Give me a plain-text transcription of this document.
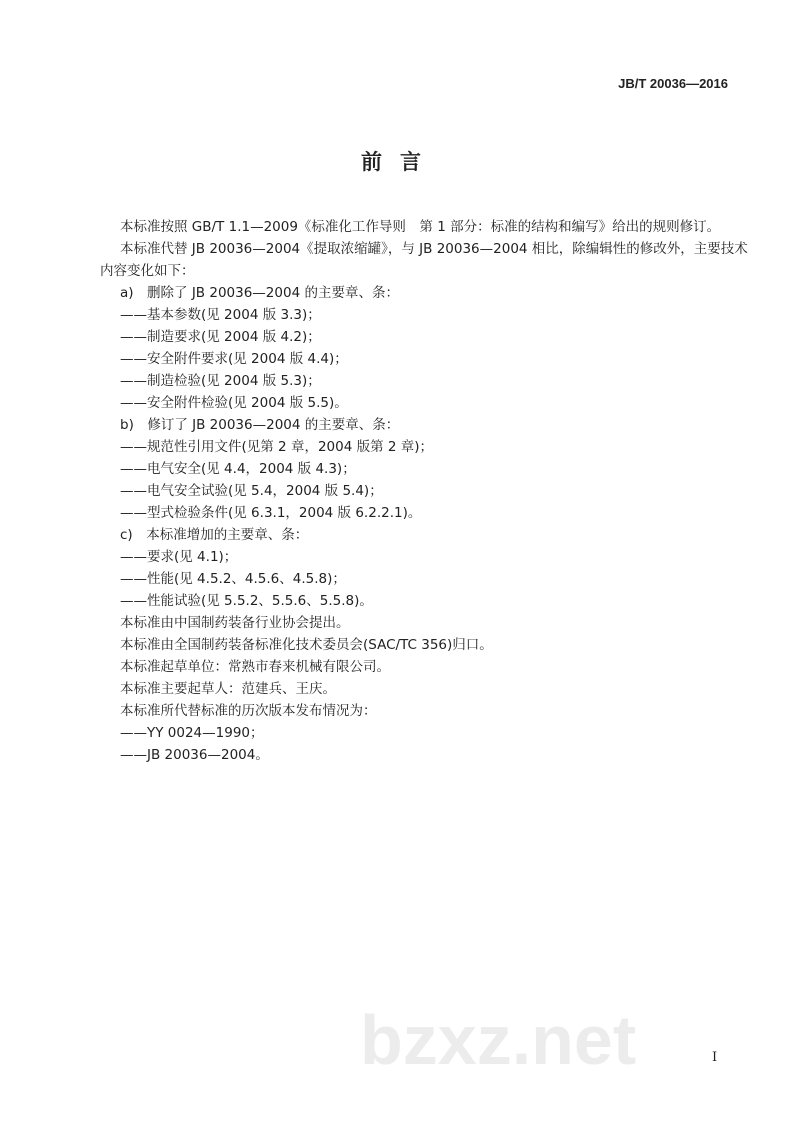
JB/T 20036—2016
前言
本标准按照 GB/T 1.1—2009《标准化工作导则　第 1 部分：标准的结构和编写》给出的规则修订。
本标准代替 JB 20036—2004《提取浓缩罐》，与 JB 20036—2004 相比，除编辑性的修改外，主要技术
内容变化如下：
a)　删除了 JB 20036—2004 的主要章、条：
——基本参数(见 2004 版 3.3)；
——制造要求(见 2004 版 4.2)；
——安全附件要求(见 2004 版 4.4)；
——制造检验(见 2004 版 5.3)；
——安全附件检验(见 2004 版 5.5)。
b)　修订了 JB 20036—2004 的主要章、条：
——规范性引用文件(见第 2 章，2004 版第 2 章)；
——电气安全(见 4.4，2004 版 4.3)；
——电气安全试验(见 5.4，2004 版 5.4)；
——型式检验条件(见 6.3.1，2004 版 6.2.2.1)。
c)　本标准增加的主要章、条：
——要求(见 4.1)；
——性能(见 4.5.2、4.5.6、4.5.8)；
——性能试验(见 5.5.2、5.5.6、5.5.8)。
本标准由中国制药装备行业协会提出。
本标准由全国制药装备标准化技术委员会(SAC/TC 356)归口。
本标准起草单位：常熟市春来机械有限公司。
本标准主要起草人：范建兵、王庆。
本标准所代替标准的历次版本发布情况为：
——YY 0024—1990；
——JB 20036—2004。
bzxz.net	I
